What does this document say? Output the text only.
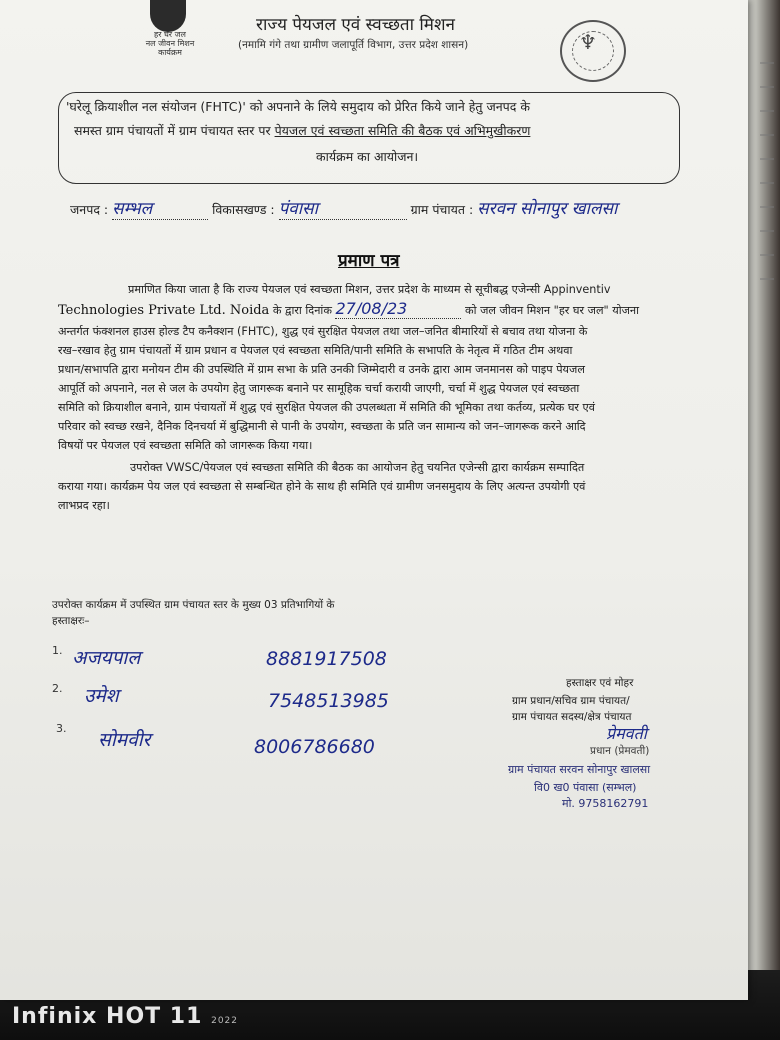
हर घर जल
नल जीवन मिशन
कार्यक्रम
राज्य पेयजल एवं स्वच्छता मिशन
(नमामि गंगे तथा ग्रामीण जलापूर्ति विभाग, उत्तर प्रदेश शासन)	♆
'घरेलू क्रियाशील नल संयोजन (FHTC)' को अपनाने के लिये समुदाय को प्रेरित किये जाने हेतु जनपद के
समस्त ग्राम पंचायतों में ग्राम पंचायत स्तर पर पेयजल एवं स्वच्छता समिति की बैठक एवं अभिमुखीकरण
कार्यक्रम का आयोजन।
जनपद : सम्भल	विकासखण्ड : पंवासा	ग्राम पंचायत : सरवन सोनापुर खालसा
प्रमाण पत्र
प्रमाणित किया जाता है कि राज्य पेयजल एवं स्वच्छता मिशन, उत्तर प्रदेश के माध्यम से सूचीबद्ध एजेन्सी Appinventiv
Technologies Private Ltd. Noida के द्वारा दिनांक 27/08/23	को जल जीवन मिशन "हर घर जल" योजना
अन्तर्गत फंक्शनल हाउस होल्ड टैप कनैक्शन (FHTC), शुद्ध एवं सुरक्षित पेयजल तथा जल–जनित बीमारियों से बचाव तथा योजना के
रख–रखाव हेतु ग्राम पंचायतों में ग्राम प्रधान व पेयजल एवं स्वच्छता समिति/पानी समिति के सभापति के नेतृत्व में गठित टीम अथवा
प्रधान/सभापति द्वारा मनोयन टीम की उपस्थिति में ग्राम सभा के प्रति उनकी जिम्मेदारी व उनके द्वारा आम जनमानस को पाइप पेयजल
आपूर्ति को अपनाने, नल से जल के उपयोग हेतु जागरूक बनाने पर सामूहिक चर्चा करायी जाएगी, चर्चा में शुद्ध पेयजल एवं स्वच्छता
समिति को क्रियाशील बनाने, ग्राम पंचायतों में शुद्ध एवं सुरक्षित पेयजल की उपलब्धता में समिति की भूमिका तथा कर्तव्य, प्रत्येक घर एवं
परिवार को स्वच्छ रखने, दैनिक दिनचर्या में बुद्धिमानी से पानी के उपयोग, स्वच्छता के प्रति जन सामान्य को जन–जागरूक करने आदि
विषयों पर पेयजल एवं स्वच्छता समिति को जागरूक किया गया।
उपरोक्त VWSC/पेयजल एवं स्वच्छता समिति की बैठक का आयोजन हेतु चयनित एजेन्सी द्वारा कार्यक्रम सम्पादित
कराया गया। कार्यक्रम पेय जल एवं स्वच्छता से सम्बन्धित होने के साथ ही समिति एवं ग्रामीण जनसमुदाय के लिए अत्यन्त उपयोगी एवं
लाभप्रद रहा।
उपरोक्त कार्यक्रम में उपस्थित ग्राम पंचायत स्तर के मुख्य 03 प्रतिभागियों के
हस्ताक्षरः–
1. अजयपाल	8881917508
2. उमेश	7548513985
3.
सोमवीर	8006786680
हस्ताक्षर एवं मोहर
ग्राम प्रधान/सचिव ग्राम पंचायत/
ग्राम पंचायत सदस्य/क्षेत्र पंचायत
प्रेमवती
प्रधान (प्रेमवती)
ग्राम पंचायत सरवन सोनापुर खालसा
वि0 ख0 पंवासा (सम्भल)
मो. 9758162791
Infinix HOT 11 2022
